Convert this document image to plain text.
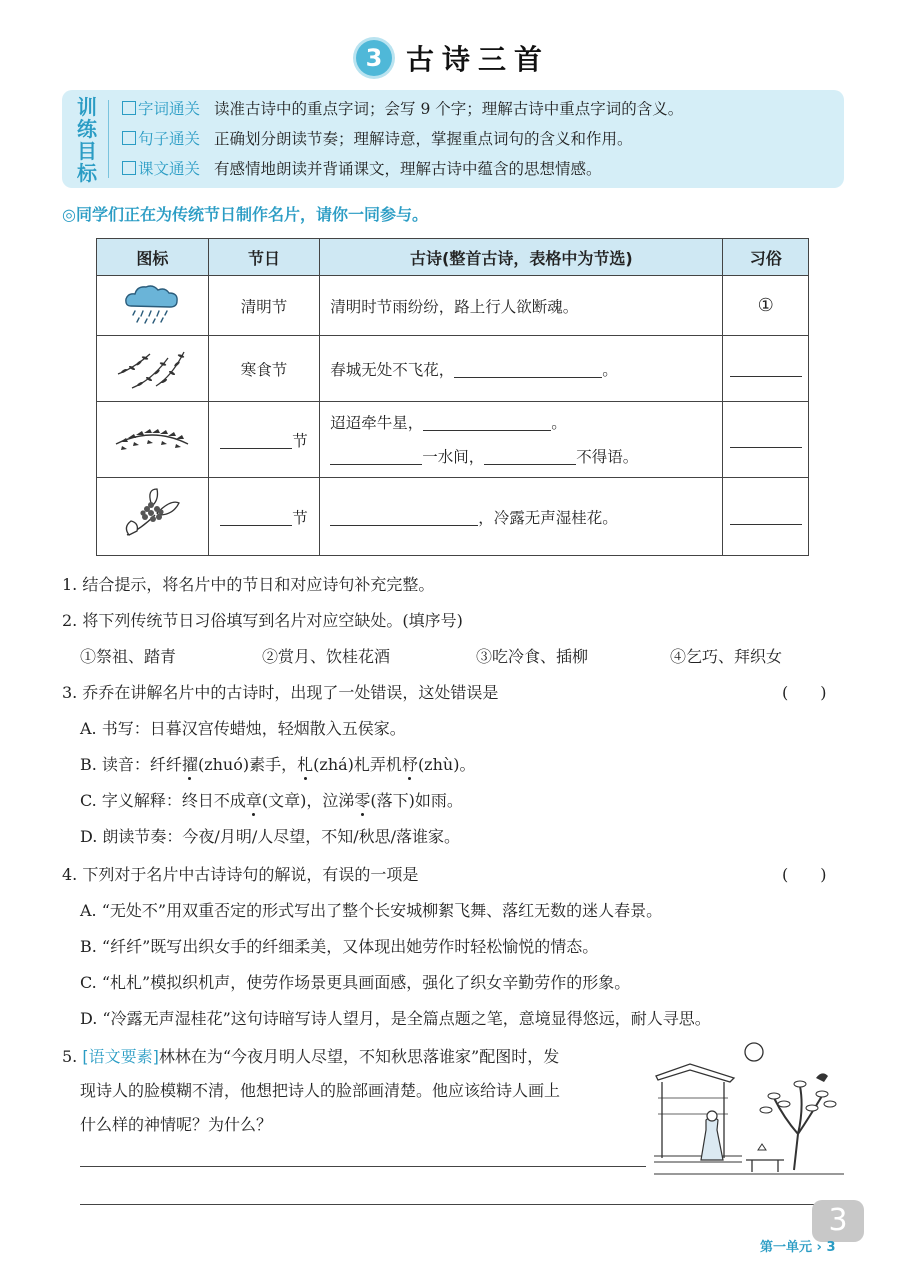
3 古诗三首
训
练
目
标
字词通关 读准古诗中的重点字词；会写 9 个字；理解古诗中重点字词的含义。
句子通关 正确划分朗读节奏；理解诗意，掌握重点词句的含义和作用。
课文通关 有感情地朗读并背诵课文，理解古诗中蕴含的思想情感。
◎同学们正在为传统节日制作名片，请你一同参与。
图标	节日	古诗(整首古诗，表格中为节选)	习俗
	清明节	清明时节雨纷纷，路上行人欲断魂。	①
	寒食节	春城无处不飞花， 。	
	节	迢迢牵牛星， 。
一水间， 不得语。	

	节	，冷露无声湿桂花。	
1. 结合提示，将名片中的节日和对应诗句补充完整。
2. 将下列传统节日习俗填写到名片对应空缺处。(填序号)
①祭祖、踏青	②赏月、饮桂花酒	③吃冷食、插柳	④乞巧、拜织女
3. 乔乔在讲解名片中的古诗时，出现了一处错误，这处错误是	(　　)
A. 书写：日暮汉宫传蜡烛，轻烟散入五侯家。
B. 读音：纤纤擢(zhuó)素手，札(zhá)札弄机杼(zhù)。
C. 字义解释：终日不成章(文章)，泣涕零(落下)如雨。
D. 朗读节奏：今夜/月明/人尽望，不知/秋思/落谁家。
4. 下列对于名片中古诗诗句的解说，有误的一项是	(　　)
A. “无处不”用双重否定的形式写出了整个长安城柳絮飞舞、落红无数的迷人春景。
B. “纤纤”既写出织女手的纤细柔美，又体现出她劳作时轻松愉悦的情态。
C. “札札”模拟织机声，使劳作场景更具画面感，强化了织女辛勤劳作的形象。
D. “冷露无声湿桂花”这句诗暗写诗人望月，是全篇点题之笔，意境显得悠远，耐人寻思。
5. [语文要素]林林在为“今夜月明人尽望，不知秋思落谁家”配图时，发
现诗人的脸模糊不清，他想把诗人的脸部画清楚。他应该给诗人画上
什么样的神情呢？为什么？
3
第一单元 › 3
